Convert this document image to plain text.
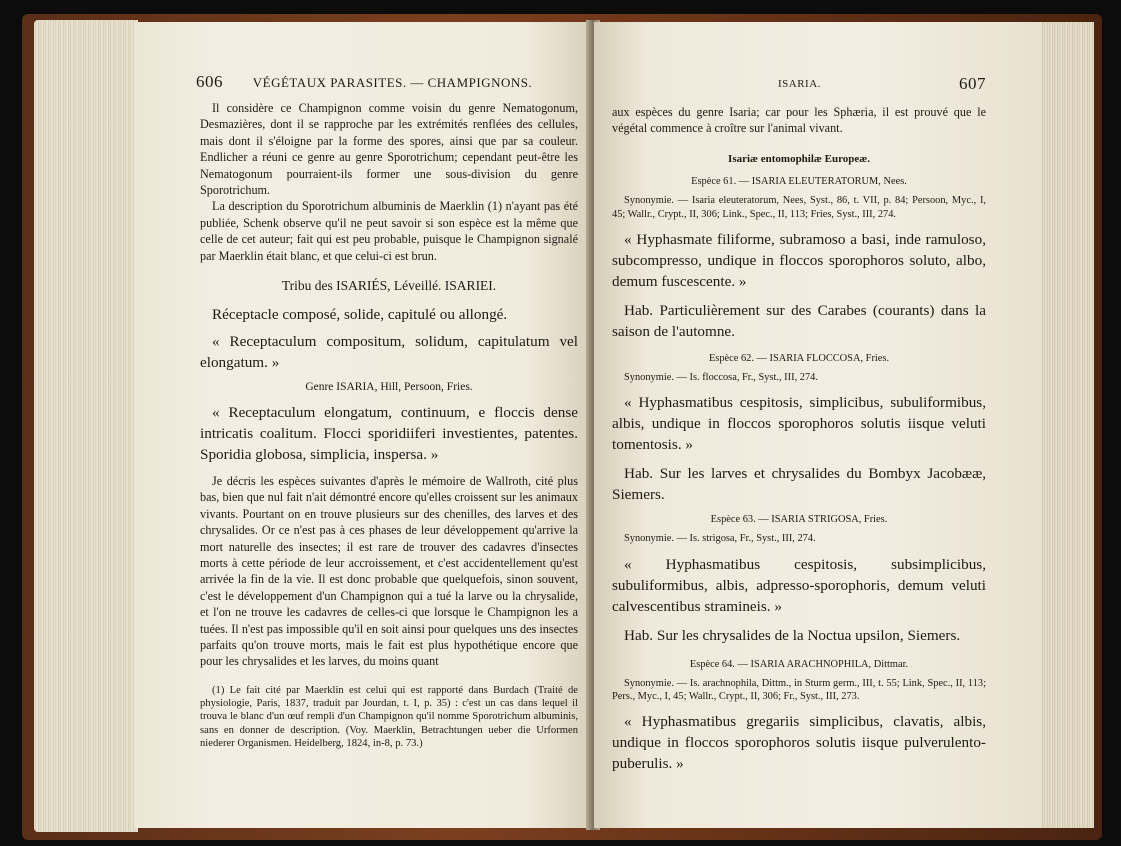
606 VÉGÉTAUX PARASITES. — CHAMPIGNONS.

Il considère ce Champignon comme voisin du genre Nematogonum, Desmazières, dont il se rapproche par les extrémités renflées des cellules, mais dont il s'éloigne par la forme des spores, ainsi que par sa couleur. Endlicher a réuni ce genre au genre Sporotrichum; cependant peut-être les Nematogonum pourraient-ils former une sous-division du genre Sporotrichum.

La description du Sporotrichum albuminis de Maerklin (1) n'ayant pas été publiée, Schenk observe qu'il ne peut savoir si son espèce est la même que celle de cet auteur; fait qui est peu probable, puisque le Champignon signalé par Maerklin était blanc, et que celui-ci est brun.

Tribu des ISARIÉS, Léveillé. ISARIEI.

Réceptacle composé, solide, capitulé ou allongé.

« Receptaculum compositum, solidum, capitulatum vel elongatum. »

Genre ISARIA, Hill, Persoon, Fries.

« Receptaculum elongatum, continuum, e floccis dense intricatis coalitum. Flocci sporidiiferi investientes, patentes. Sporidia globosa, simplicia, inspersa. »

Je décris les espèces suivantes d'après le mémoire de Wallroth, cité plus bas, bien que nul fait n'ait démontré encore qu'elles croissent sur les animaux vivants. Pourtant on en trouve plusieurs sur des chenilles, des larves et des chrysalides. Or ce n'est pas à ces phases de leur développement qu'arrive la mort naturelle des insectes; il est rare de trouver des cadavres d'insectes morts à cette période de leur accroissement, et c'est accidentellement qu'est arrivée la fin de la vie. Il est donc probable que quelquefois, sinon souvent, c'est le développement d'un Champignon qui a tué la larve ou la chrysalide, et l'on ne trouve les cadavres de celles-ci que lorsque le Champignon les a tuées. Il n'est pas impossible qu'il en soit ainsi pour quelques uns des insectes parfaits qu'on trouve morts, mais le fait est plus hypothétique encore que pour les chrysalides et les larves, du moins quant

(1) Le fait cité par Maerklin est celui qui est rapporté dans Burdach (Traité de physiologie, Paris, 1837, traduit par Jourdan, t. I, p. 35) : c'est un cas dans lequel il trouva le blanc d'un œuf rempli d'un Champignon qu'il nomme Sporotrichum albuminis, sans en donner de description. (Voy. Maerklin, Betrachtungen ueber die Urformen niederer Organismen. Heidelberg, 1824, in-8, p. 73.)

ISARIA.	607

aux espèces du genre Isaria; car pour les Sphæria, il est prouvé que le végétal commence à croître sur l'animal vivant.

Isariæ entomophilæ Europeæ.

Espèce 61. — ISARIA ELEUTERATORUM, Nees.

Synonymie. — Isaria eleuteratorum, Nees, Syst., 86, t. VII, p. 84; Persoon, Myc., I, 45; Wallr., Crypt., II, 306; Link., Spec., II, 113; Fries, Syst., III, 274.

« Hyphasmate filiforme, subramoso a basi, inde ramuloso, subcompresso, undique in floccos sporophoros soluto, albo, demum fuscescente. »

Hab. Particulièrement sur des Carabes (courants) dans la saison de l'automne.

Espèce 62. — ISARIA FLOCCOSA, Fries.

Synonymie. — Is. floccosa, Fr., Syst., III, 274.

« Hyphasmatibus cespitosis, simplicibus, subuliformibus, albis, undique in floccos sporophoros solutis iisque veluti tomentosis. »

Hab. Sur les larves et chrysalides du Bombyx Jacobææ, Siemers.

Espèce 63. — ISARIA STRIGOSA, Fries.

Synonymie. — Is. strigosa, Fr., Syst., III, 274.

« Hyphasmatibus cespitosis, subsimplicibus, subuliformibus, albis, adpresso-sporophoris, demum veluti calvescentibus stramineis. »

Hab. Sur les chrysalides de la Noctua upsilon, Siemers.

Espèce 64. — ISARIA ARACHNOPHILA, Dittmar.

Synonymie. — Is. arachnophila, Dittm., in Sturm germ., III, t. 55; Link, Spec., II, 113; Pers., Myc., I, 45; Wallr., Crypt., II, 306; Fr., Syst., III, 273.

« Hyphasmatibus gregariis simplicibus, clavatis, albis, undique in floccos sporophoros solutis iisque pulverulento-puberulis. »
